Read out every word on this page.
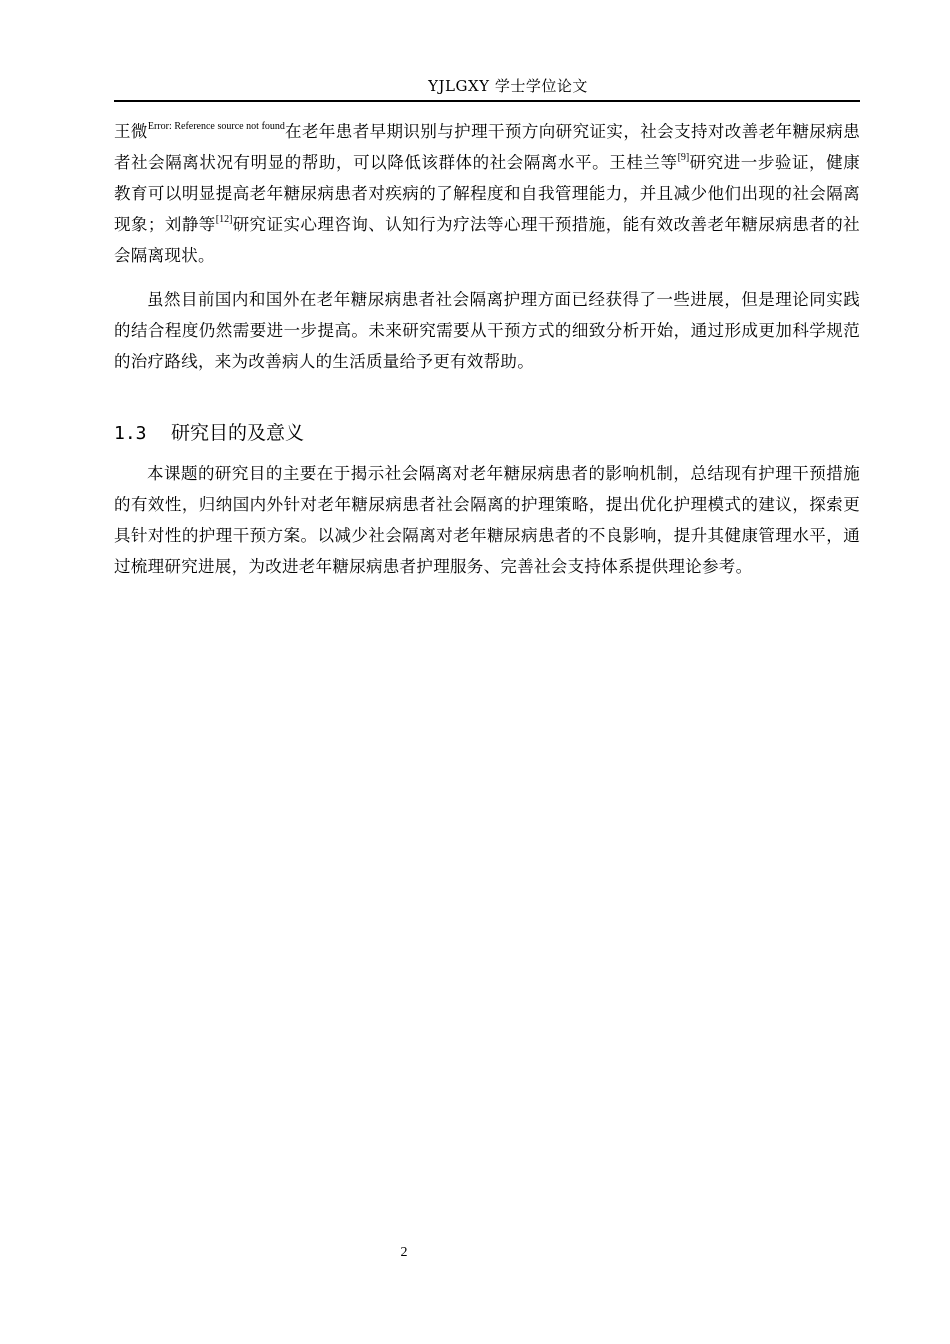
YJLGXY 学士学位论文

王微$^{Error: Reference source not found}$在老年患者早期识别与护理干预方向研究证实，社会支持对改善老年糖尿病患者社会隔离状况有明显的帮助，可以降低该群体的社会隔离水平。王桂兰等[9]研究进一步验证，健康教育可以明显提高老年糖尿病患者对疾病的了解程度和自我管理能力，并且减少他们出现的社会隔离现象；刘静等[12]研究证实心理咨询、认知行为疗法等心理干预措施，能有效改善老年糖尿病患者的社会隔离现状。

虽然目前国内和国外在老年糖尿病患者社会隔离护理方面已经获得了一些进展，但是理论同实践的结合程度仍然需要进一步提高。未来研究需要从干预方式的细致分析开始，通过形成更加科学规范的治疗路线，来为改善病人的生活质量给予更有效帮助。

1.3 研究目的及意义

本课题的研究目的主要在于揭示社会隔离对老年糖尿病患者的影响机制，总结现有护理干预措施的有效性，归纳国内外针对老年糖尿病患者社会隔离的护理策略，提出优化护理模式的建议，探索更具针对性的护理干预方案。以减少社会隔离对老年糖尿病患者的不良影响，提升其健康管理水平，通过梳理研究进展，为改进老年糖尿病患者护理服务、完善社会支持体系提供理论参考。

2
